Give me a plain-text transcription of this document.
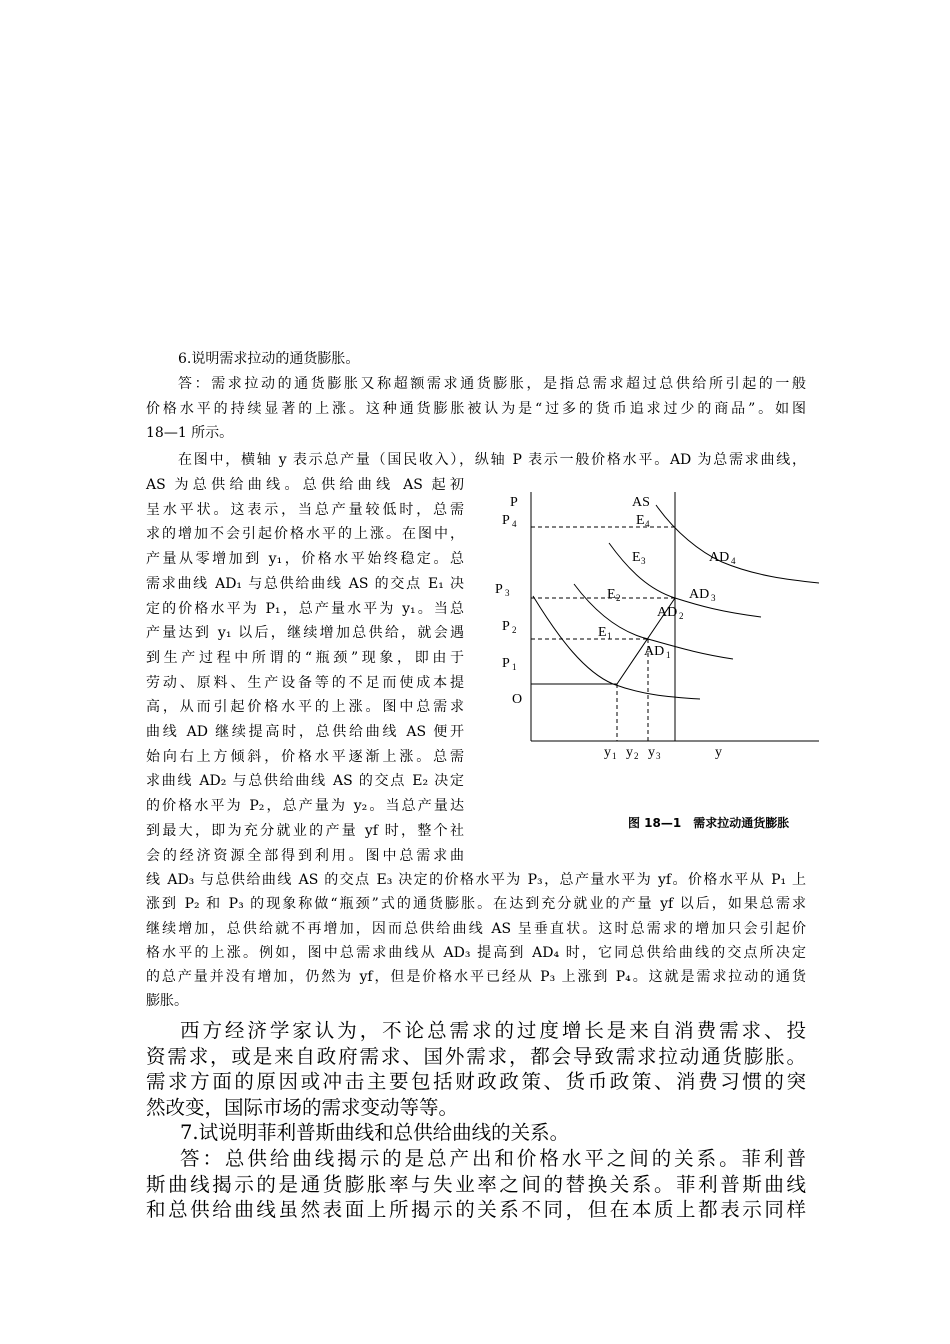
6.说明需求拉动的通货膨胀。
答：需求拉动的通货膨胀又称超额需求通货膨胀，是指总需求超过总供给所引起的一般
价格水平的持续显著的上涨。这种通货膨胀被认为是“过多的货币追求过少的商品”。如图
18—1 所示。
在图中，横轴 y 表示总产量（国民收入），纵轴 P 表示一般价格水平。AD 为总需求曲线，
AS 为总供给曲线。总供给曲线 AS 起初
呈水平状。这表示，当总产量较低时，总需
求的增加不会引起价格水平的上涨。在图中，
产量从零增加到 y₁，价格水平始终稳定。总
需求曲线 AD₁ 与总供给曲线 AS 的交点 E₁ 决
定的价格水平为 P₁，总产量水平为 y₁。当总
产量达到 y₁ 以后，继续增加总供给，就会遇
到生产过程中所谓的“瓶颈”现象，即由于
劳动、原料、生产设备等的不足而使成本提
高，从而引起价格水平的上涨。图中总需求
曲线 AD 继续提高时，总供给曲线 AS 便开
始向右上方倾斜，价格水平逐渐上涨。总需
求曲线 AD₂ 与总供给曲线 AS 的交点 E₂ 决定
的价格水平为 P₂，总产量为 y₂。当总产量达
到最大，即为充分就业的产量 yf 时，整个社
会的经济资源全部得到利用。图中总需求曲
P
y
O
AS
P 4
P 3
P 2
P 1
E 4
E 3
E 2
E 1
AD 4
AD 3
AD 2
AD 1
y 1 y 2 y 3
图 18—1　需求拉动通货膨胀
线 AD₃ 与总供给曲线 AS 的交点 E₃ 决定的价格水平为 P₃，总产量水平为 yf。价格水平从 P₁ 上
涨到 P₂ 和 P₃ 的现象称做“瓶颈”式的通货膨胀。在达到充分就业的产量 yf 以后，如果总需求
继续增加，总供给就不再增加，因而总供给曲线 AS 呈垂直状。这时总需求的增加只会引起价
格水平的上涨。例如，图中总需求曲线从 AD₃ 提高到 AD₄ 时，它同总供给曲线的交点所决定
的总产量并没有增加，仍然为 yf，但是价格水平已经从 P₃ 上涨到 P₄。这就是需求拉动的通货
膨胀。
西方经济学家认为，不论总需求的过度增长是来自消费需求、投
资需求，或是来自政府需求、国外需求，都会导致需求拉动通货膨胀。
需求方面的原因或冲击主要包括财政政策、货币政策、消费习惯的突
然改变，国际市场的需求变动等等。
7.试说明菲利普斯曲线和总供给曲线的关系。
答：总供给曲线揭示的是总产出和价格水平之间的关系。菲利普
斯曲线揭示的是通货膨胀率与失业率之间的替换关系。菲利普斯曲线
和总供给曲线虽然表面上所揭示的关系不同，但在本质上都表示同样
